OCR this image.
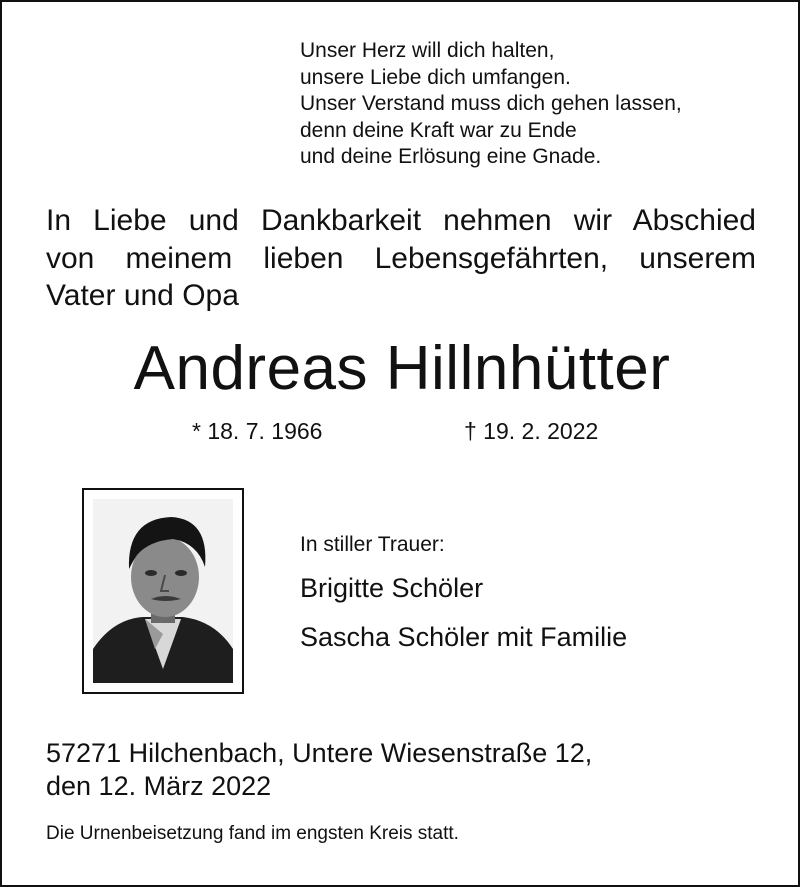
Unser Herz will dich halten,
unsere Liebe dich umfangen.
Unser Verstand muss dich gehen lassen,
denn deine Kraft war zu Ende
und deine Erlösung eine Gnade.
In Liebe und Dankbarkeit nehmen wir Abschied
von meinem lieben Lebensgefährten, unserem
Vater und Opa
Andreas Hillnhütter
* 18. 7. 1966	† 19. 2. 2022
In stiller Trauer:
Brigitte Schöler
Sascha Schöler mit Familie
57271 Hilchenbach, Untere Wiesenstraße 12,
den 12. März 2022
Die Urnenbeisetzung fand im engsten Kreis statt.
